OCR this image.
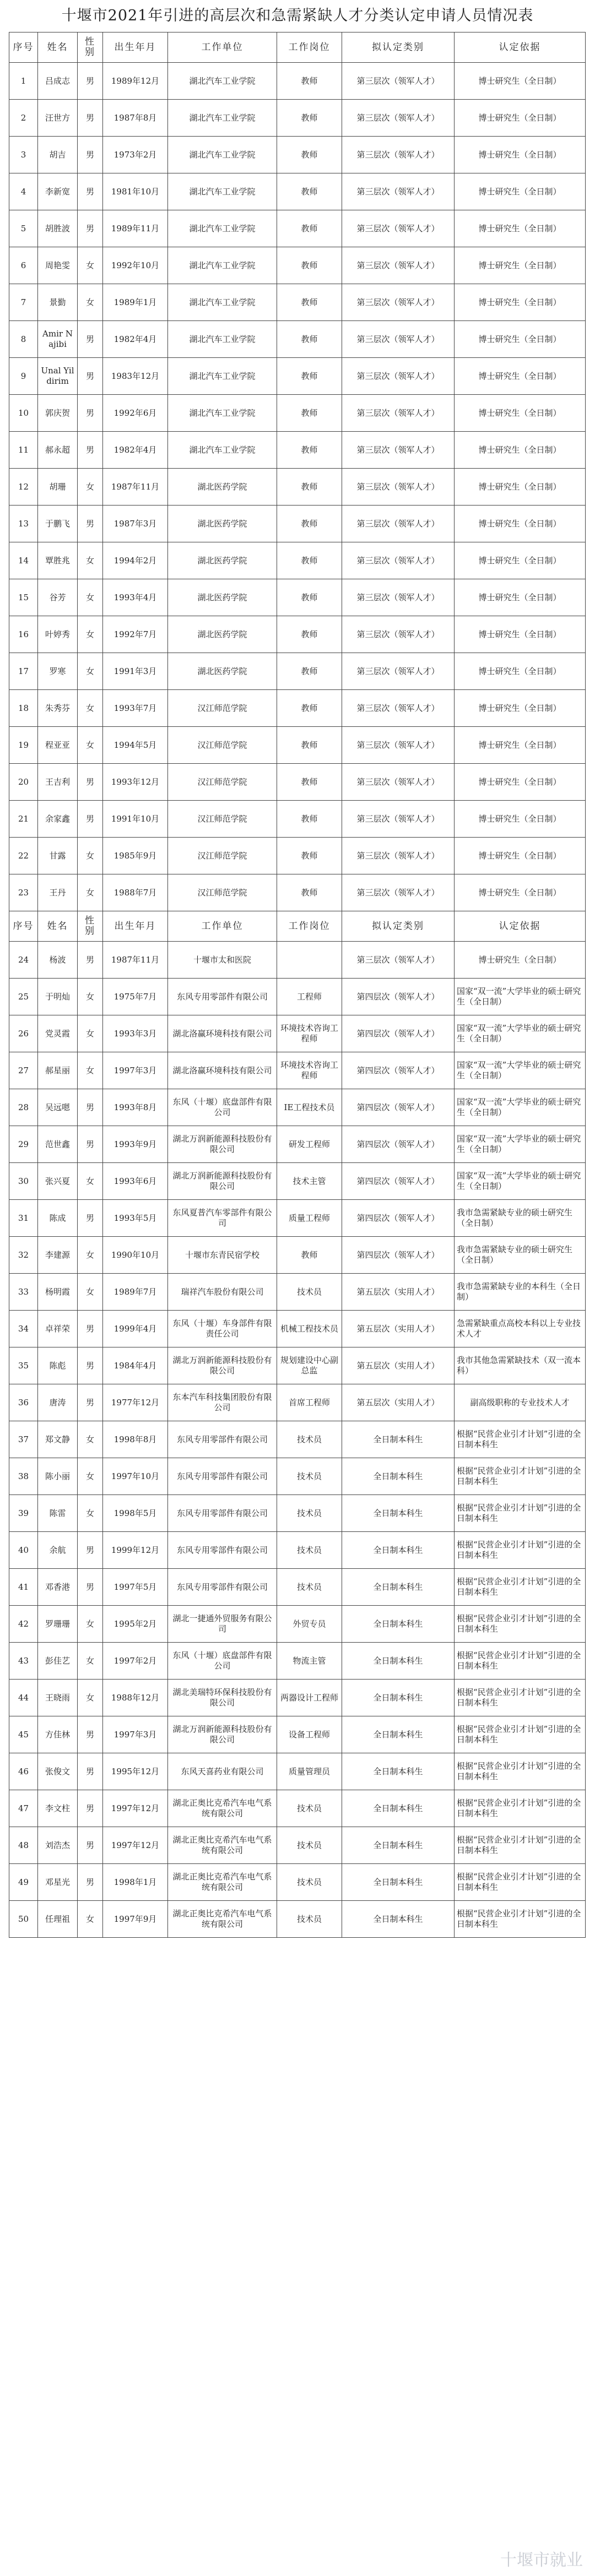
十堰市2021年引进的高层次和急需紧缺人才分类认定申请人员情况表
序号	姓名	性别	出生年月	工作单位	工作岗位	拟认定类别	认定依据
1	吕成志	男	1989年12月	湖北汽车工业学院	教师	第三层次（领军人才）	博士研究生（全日制）
2	汪世方	男	1987年8月	湖北汽车工业学院	教师	第三层次（领军人才）	博士研究生（全日制）
3	胡吉	男	1973年2月	湖北汽车工业学院	教师	第三层次（领军人才）	博士研究生（全日制）
4	李新宽	男	1981年10月	湖北汽车工业学院	教师	第三层次（领军人才）	博士研究生（全日制）
5	胡胜波	男	1989年11月	湖北汽车工业学院	教师	第三层次（领军人才）	博士研究生（全日制）
6	周艳雯	女	1992年10月	湖北汽车工业学院	教师	第三层次（领军人才）	博士研究生（全日制）
7	景勤	女	1989年1月	湖北汽车工业学院	教师	第三层次（领军人才）	博士研究生（全日制）
8	Amir Najibi	男	1982年4月	湖北汽车工业学院	教师	第三层次（领军人才）	博士研究生（全日制）
9	Unal Yildirim	男	1983年12月	湖北汽车工业学院	教师	第三层次（领军人才）	博士研究生（全日制）
10	郭庆贺	男	1992年6月	湖北汽车工业学院	教师	第三层次（领军人才）	博士研究生（全日制）
11	郝永超	男	1982年4月	湖北汽车工业学院	教师	第三层次（领军人才）	博士研究生（全日制）
12	胡珊	女	1987年11月	湖北医药学院	教师	第三层次（领军人才）	博士研究生（全日制）
13	于鹏飞	男	1987年3月	湖北医药学院	教师	第三层次（领军人才）	博士研究生（全日制）
14	覃胜兆	女	1994年2月	湖北医药学院	教师	第三层次（领军人才）	博士研究生（全日制）
15	谷芳	女	1993年4月	湖北医药学院	教师	第三层次（领军人才）	博士研究生（全日制）
16	叶婷秀	女	1992年7月	湖北医药学院	教师	第三层次（领军人才）	博士研究生（全日制）
17	罗寒	女	1991年3月	湖北医药学院	教师	第三层次（领军人才）	博士研究生（全日制）
18	朱秀芬	女	1993年7月	汉江师范学院	教师	第三层次（领军人才）	博士研究生（全日制）
19	程亚亚	女	1994年5月	汉江师范学院	教师	第三层次（领军人才）	博士研究生（全日制）
20	王吉利	男	1993年12月	汉江师范学院	教师	第三层次（领军人才）	博士研究生（全日制）
21	余家鑫	男	1991年10月	汉江师范学院	教师	第三层次（领军人才）	博士研究生（全日制）
22	甘露	女	1985年9月	汉江师范学院	教师	第三层次（领军人才）	博士研究生（全日制）
23	王丹	女	1988年7月	汉江师范学院	教师	第三层次（领军人才）	博士研究生（全日制）
序号	姓名	性别	出生年月	工作单位	工作岗位	拟认定类别	认定依据
24	杨波	男	1987年11月	十堰市太和医院		第三层次（领军人才）	博士研究生（全日制）
25	于明灿	女	1975年7月	东风专用零部件有限公司	工程师	第四层次（领军人才）	国家“双一流”大学毕业的硕士研究生（全日制）
26	党灵霞	女	1993年3月	湖北洛赢环境科技有限公司	环境技术咨询工程师	第四层次（领军人才）	国家“双一流”大学毕业的硕士研究生（全日制）
27	郝星丽	女	1997年3月	湖北洛赢环境科技有限公司	环境技术咨询工程师	第四层次（领军人才）	国家“双一流”大学毕业的硕士研究生（全日制）
28	吴远嗯	男	1993年8月	东风（十堰）底盘部件有限公司	IE工程技术员	第四层次（领军人才）	国家“双一流”大学毕业的硕士研究生（全日制）
29	范世鑫	男	1993年9月	湖北万润新能源科技股份有限公司	研发工程师	第四层次（领军人才）	国家“双一流”大学毕业的硕士研究生（全日制）
30	张兴夏	女	1993年6月	湖北万润新能源科技股份有限公司	技术主管	第四层次（领军人才）	国家“双一流”大学毕业的硕士研究生（全日制）
31	陈成	男	1993年5月	东风夏普汽车零部件有限公司	质量工程师	第四层次（领军人才）	我市急需紧缺专业的硕士研究生（全日制）
32	李建源	女	1990年10月	十堰市东青民宿学校	教师	第四层次（领军人才）	我市急需紧缺专业的硕士研究生（全日制）
33	杨明霞	女	1989年7月	瑞祥汽车股份有限公司	技术员	第五层次（实用人才）	我市急需紧缺专业的本科生（全日制）
34	卓祥荣	男	1999年4月	东风（十堰）车身部件有限责任公司	机械工程技术员	第五层次（实用人才）	急需紧缺重点高校本科以上专业技术人才
35	陈彪	男	1984年4月	湖北万润新能源科技股份有限公司	规划建设中心副总监	第五层次（实用人才）	我市其他急需紧缺技术（双一流本科）
36	唐涛	男	1977年12月	东本汽车科技集团股份有限公司	首席工程师	第五层次（实用人才）	副高级职称的专业技术人才
37	郑文静	女	1998年8月	东风专用零部件有限公司	技术员	全日制本科生	根据“民营企业引才计划”引进的全日制本科生
38	陈小丽	女	1997年10月	东风专用零部件有限公司	技术员	全日制本科生	根据“民营企业引才计划”引进的全日制本科生
39	陈雷	女	1998年5月	东风专用零部件有限公司	技术员	全日制本科生	根据“民营企业引才计划”引进的全日制本科生
40	余航	男	1999年12月	东风专用零部件有限公司	技术员	全日制本科生	根据“民营企业引才计划”引进的全日制本科生
41	邓香港	男	1997年5月	东风专用零部件有限公司	技术员	全日制本科生	根据“民营企业引才计划”引进的全日制本科生
42	罗珊珊	女	1995年2月	湖北一捷通外贸服务有限公司	外贸专员	全日制本科生	根据“民营企业引才计划”引进的全日制本科生
43	彭佳艺	女	1997年2月	东风（十堰）底盘部件有限公司	物流主管	全日制本科生	根据“民营企业引才计划”引进的全日制本科生
44	王晓雨	女	1988年12月	湖北美瑞特环保科技股份有限公司	两器设计工程师	全日制本科生	根据“民营企业引才计划”引进的全日制本科生
45	方佳林	男	1997年3月	湖北万润新能源科技股份有限公司	设备工程师	全日制本科生	根据“民营企业引才计划”引进的全日制本科生
46	张俊文	男	1995年12月	东风天喜药业有限公司	质量管理员	全日制本科生	根据“民营企业引才计划”引进的全日制本科生
47	李文柱	男	1997年12月	湖北正奥比克希汽车电气系统有限公司	技术员	全日制本科生	根据“民营企业引才计划”引进的全日制本科生
48	刘浩杰	男	1997年12月	湖北正奥比克希汽车电气系统有限公司	技术员	全日制本科生	根据“民营企业引才计划”引进的全日制本科生
49	邓星光	男	1998年1月	湖北正奥比克希汽车电气系统有限公司	技术员	全日制本科生	根据“民营企业引才计划”引进的全日制本科生
50	任理祖	女	1997年9月	湖北正奥比克希汽车电气系统有限公司	技术员	全日制本科生	根据“民营企业引才计划”引进的全日制本科生
十堰市就业
